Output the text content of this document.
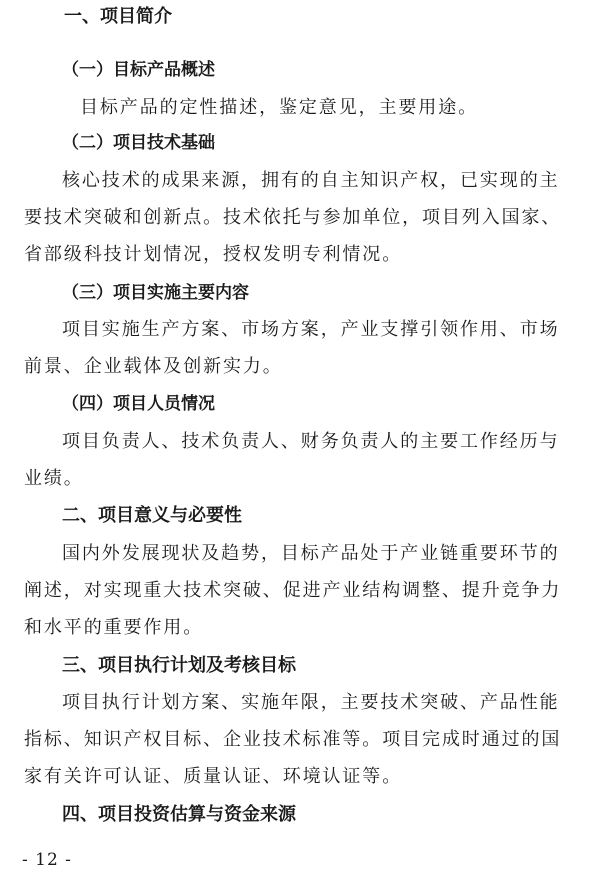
一、项目简介
（一）目标产品概述
目标产品的定性描述，鉴定意见，主要用途。
（二）项目技术基础
核心技术的成果来源，拥有的自主知识产权，已实现的主
要技术突破和创新点。技术依托与参加单位，项目列入国家、
省部级科技计划情况，授权发明专利情况。
（三）项目实施主要内容
项目实施生产方案、市场方案，产业支撑引领作用、市场
前景、企业载体及创新实力。
（四）项目人员情况
项目负责人、技术负责人、财务负责人的主要工作经历与
业绩。
二、项目意义与必要性
国内外发展现状及趋势，目标产品处于产业链重要环节的
阐述，对实现重大技术突破、促进产业结构调整、提升竞争力
和水平的重要作用。
三、项目执行计划及考核目标
项目执行计划方案、实施年限，主要技术突破、产品性能
指标、知识产权目标、企业技术标准等。项目完成时通过的国
家有关许可认证、质量认证、环境认证等。
四、项目投资估算与资金来源
- 12 -
